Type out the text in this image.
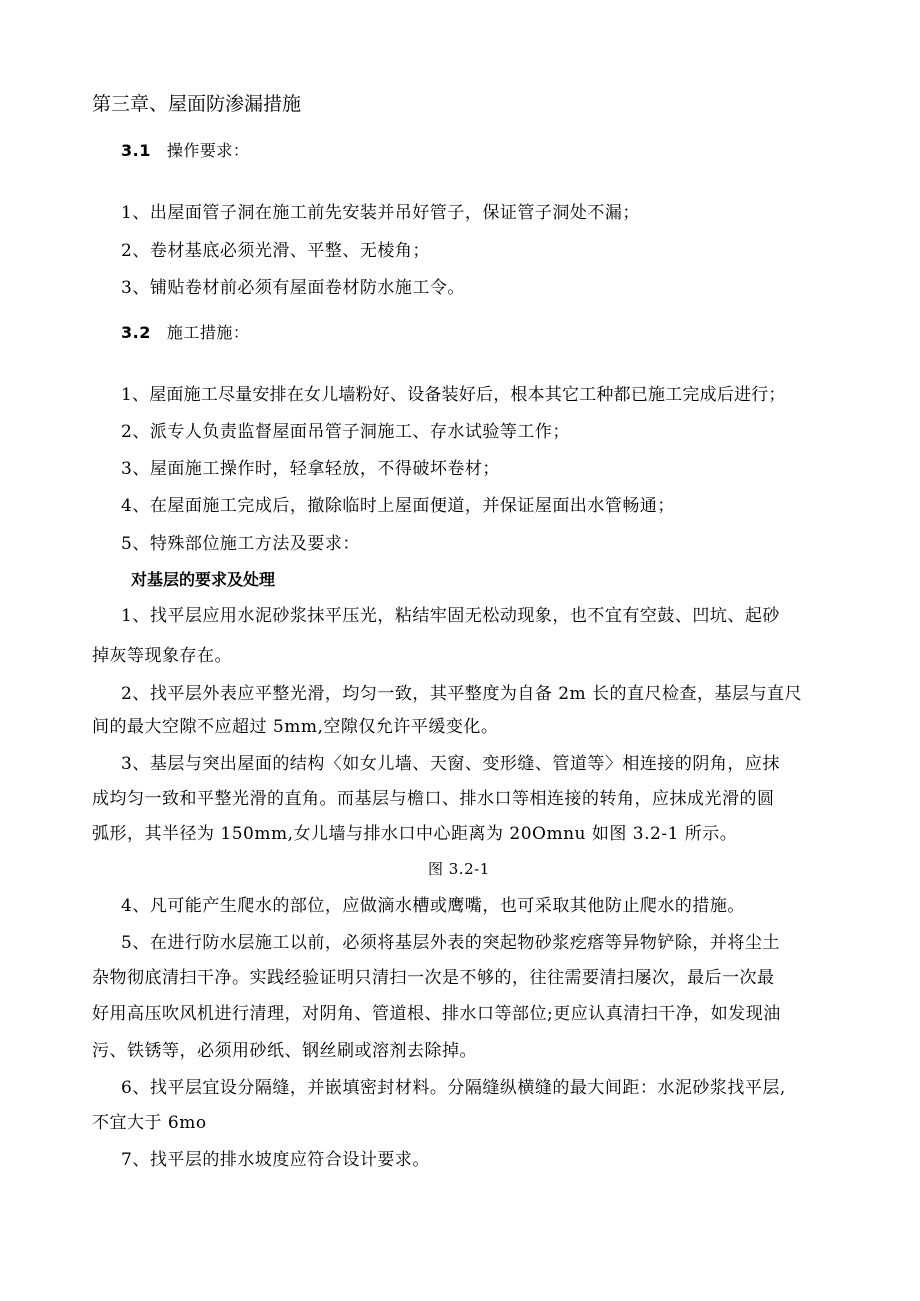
第三章、屋面防渗漏措施
3.1 操作要求：
1、出屋面管子洞在施工前先安装并吊好管子，保证管子洞处不漏；
2、卷材基底必须光滑、平整、无棱角；
3、铺贴卷材前必须有屋面卷材防水施工令。
3.2 施工措施：
1、屋面施工尽量安排在女儿墙粉好、设备装好后，根本其它工种都已施工完成后进行；
2、派专人负责监督屋面吊管子洞施工、存水试验等工作；
3、屋面施工操作时，轻拿轻放，不得破坏卷材；
4、在屋面施工完成后，撤除临时上屋面便道，并保证屋面出水管畅通；
5、特殊部位施工方法及要求：
对基层的要求及处理
1、找平层应用水泥砂浆抹平压光，粘结牢固无松动现象，也不宜有空鼓、凹坑、起砂
掉灰等现象存在。
2、找平层外表应平整光滑，均匀一致，其平整度为自备 2m 长的直尺检查，基层与直尺
间的最大空隙不应超过 5mm,空隙仅允许平缓变化。
3、基层与突出屋面的结构〈如女儿墙、天窗、变形缝、管道等〉相连接的阴角，应抹
成均匀一致和平整光滑的直角。而基层与檐口、排水口等相连接的转角，应抹成光滑的圆
弧形，其半径为 150mm,女儿墙与排水口中心距离为 20Omnu 如图 3.2-1 所示。
图 3.2-1
4、凡可能产生爬水的部位，应做滴水槽或鹰嘴，也可采取其他防止爬水的措施。
5、在进行防水层施工以前，必须将基层外表的突起物砂浆疙瘩等异物铲除，并将尘土
杂物彻底清扫干净。实践经验证明只清扫一次是不够的，往往需要清扫屡次，最后一次最
好用高压吹风机进行清理，对阴角、管道根、排水口等部位;更应认真清扫干净，如发现油
污、铁锈等，必须用砂纸、钢丝刷或溶剂去除掉。
6、找平层宜设分隔缝，并嵌填密封材料。分隔缝纵横缝的最大间距：水泥砂浆找平层,
不宜大于 6mo
7、找平层的排水坡度应符合设计要求。
